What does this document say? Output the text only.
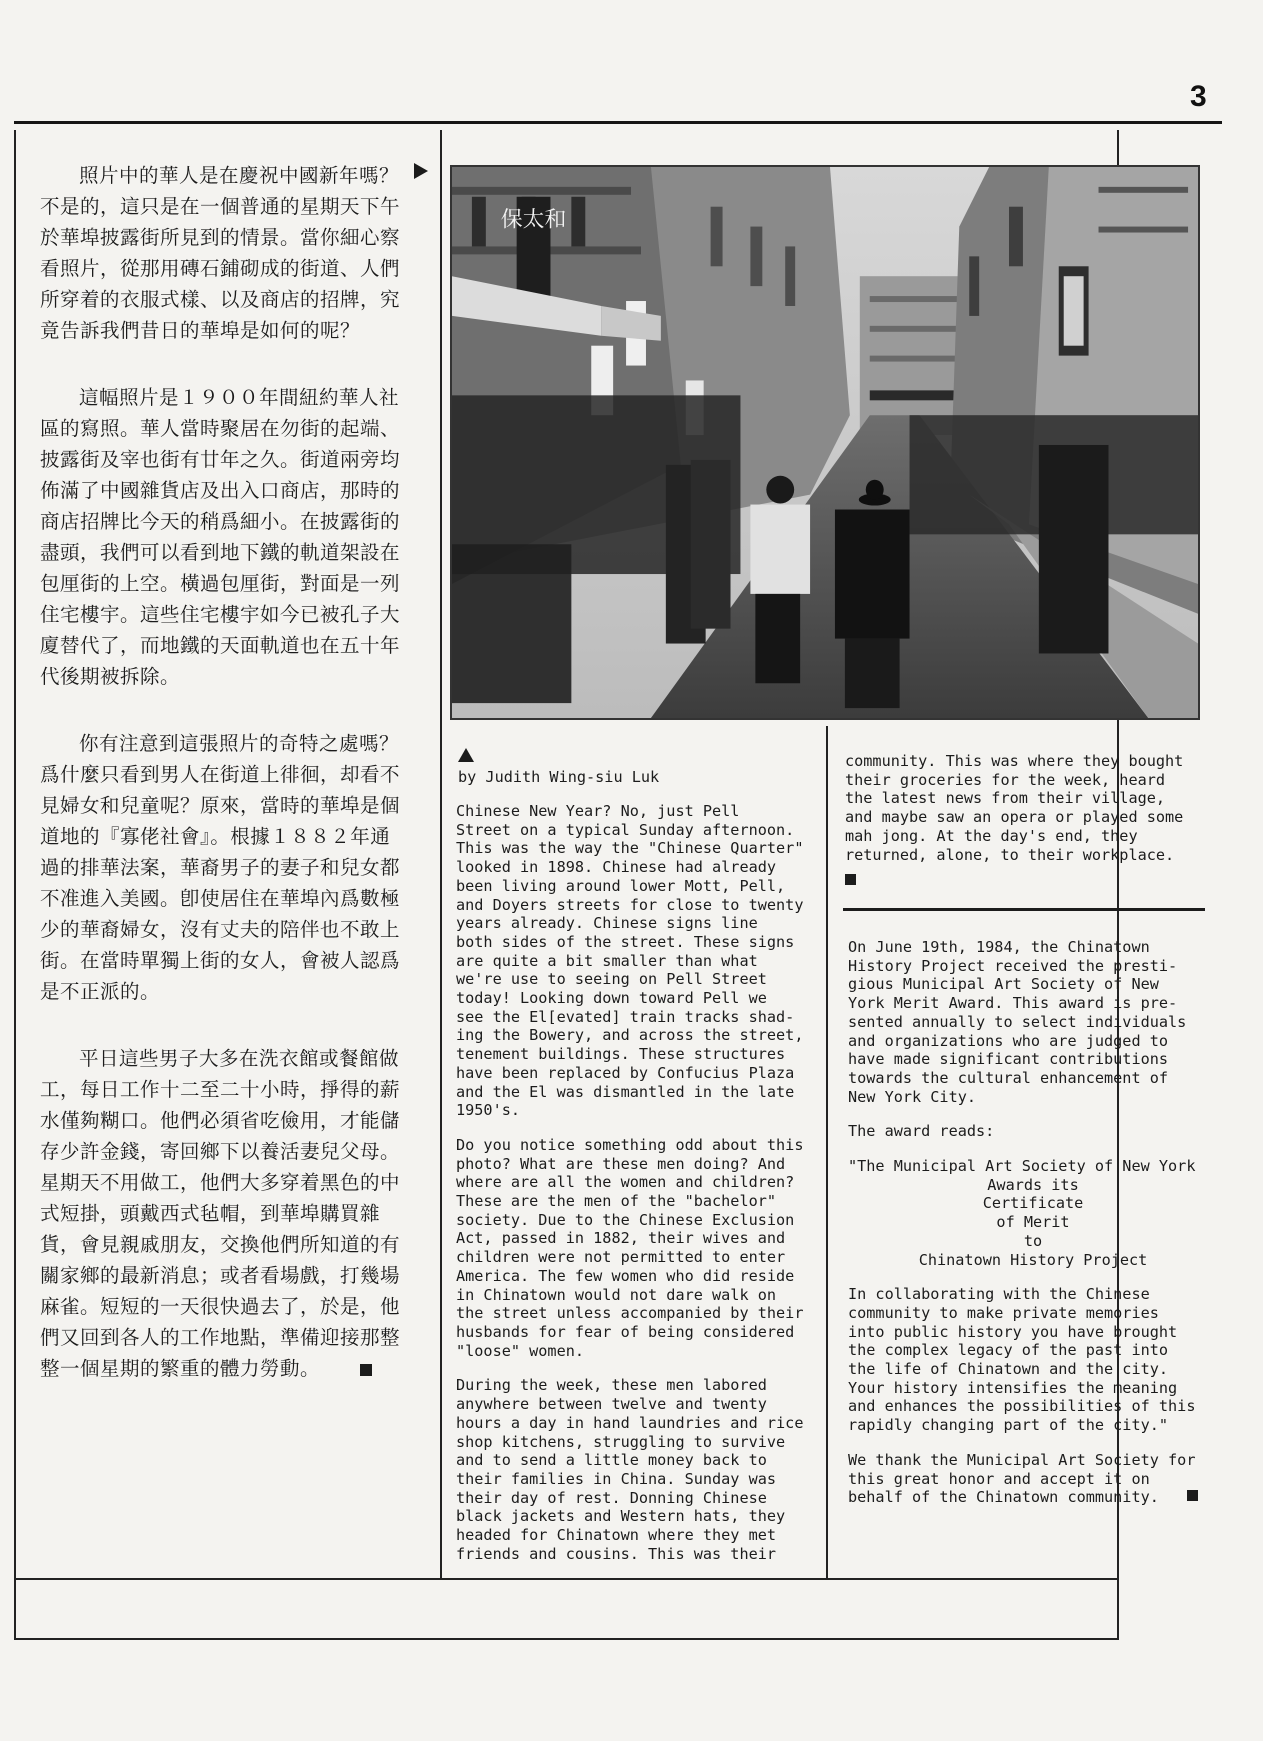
3

照片中的華人是在慶祝中國新年嗎？不是的，這只是在一個普通的星期天下午於華埠披露街所見到的情景。當你細心察看照片，從那用磚石鋪砌成的街道、人們所穿着的衣服式樣、以及商店的招牌，究竟告訴我們昔日的華埠是如何的呢？

這幅照片是１９００年間紐約華人社區的寫照。華人當時聚居在勿街的起端、披露街及宰也街有廿年之久。街道兩旁均佈滿了中國雜貨店及出入口商店，那時的商店招牌比今天的稍爲細小。在披露街的盡頭，我們可以看到地下鐵的軌道架設在包厘街的上空。橫過包厘街，對面是一列住宅樓宇。這些住宅樓宇如今已被孔子大廈替代了，而地鐵的天面軌道也在五十年代後期被拆除。

你有注意到這張照片的奇特之處嗎？爲什麼只看到男人在街道上徘徊，却看不見婦女和兒童呢？原來，當時的華埠是個道地的『寡佬社會』。根據１８８２年通過的排華法案，華裔男子的妻子和兒女都不准進入美國。卽使居住在華埠內爲數極少的華裔婦女，沒有丈夫的陪伴也不敢上街。在當時單獨上街的女人，會被人認爲是不正派的。

平日這些男子大多在洗衣館或餐館做工，每日工作十二至二十小時，掙得的薪水僅夠糊口。他們必須省吃儉用，才能儲存少許金錢，寄回鄉下以養活妻兒父母。星期天不用做工，他們大多穿着黑色的中式短掛，頭戴西式毡帽，到華埠購買雜貨，會見親戚朋友，交換他們所知道的有關家鄉的最新消息；或者看場戲，打幾場麻雀。短短的一天很快過去了，於是，他們又回到各人的工作地點，準備迎接那整整一個星期的繁重的體力勞動。

保太和
by Judith Wing-siu Luk

Chinese New Year? No, just Pell
Street on a typical Sunday afternoon.
This was the way the "Chinese Quarter"
looked in 1898. Chinese had already
been living around lower Mott, Pell,
and Doyers streets for close to twenty
years already. Chinese signs line
both sides of the street. These signs
are quite a bit smaller than what
we're use to seeing on Pell Street
today! Looking down toward Pell we
see the El[evated] train tracks shad-
ing the Bowery, and across the street,
tenement buildings. These structures
have been replaced by Confucius Plaza
and the El was dismantled in the late
1950's.

Do you notice something odd about this
photo? What are these men doing? And
where are all the women and children?
These are the men of the "bachelor"
society. Due to the Chinese Exclusion
Act, passed in 1882, their wives and
children were not permitted to enter
America. The few women who did reside
in Chinatown would not dare walk on
the street unless accompanied by their
husbands for fear of being considered
"loose" women.

During the week, these men labored
anywhere between twelve and twenty
hours a day in hand laundries and rice
shop kitchens, struggling to survive
and to send a little money back to
their families in China. Sunday was
their day of rest. Donning Chinese
black jackets and Western hats, they
headed for Chinatown where they met
friends and cousins. This was their

community. This was where they bought
their groceries for the week, heard
the latest news from their village,
and maybe saw an opera or played some
mah jong. At the day's end, they
returned, alone, to their workplace.

On June 19th, 1984, the Chinatown
History Project received the presti-
gious Municipal Art Society of New
York Merit Award. This award is pre-
sented annually to select individuals
and organizations who are judged to
have made significant contributions
towards the cultural enhancement of
New York City.

The award reads:

"The Municipal Art Society of New York
Awards its
Certificate
of Merit
to
Chinatown History Project

In collaborating with the Chinese
community to make private memories
into public history you have brought
the complex legacy of the past into
the life of Chinatown and the city.
Your history intensifies the meaning
and enhances the possibilities of this
rapidly changing part of the city."

We thank the Municipal Art Society for
this great honor and accept it on
behalf of the Chinatown community.
